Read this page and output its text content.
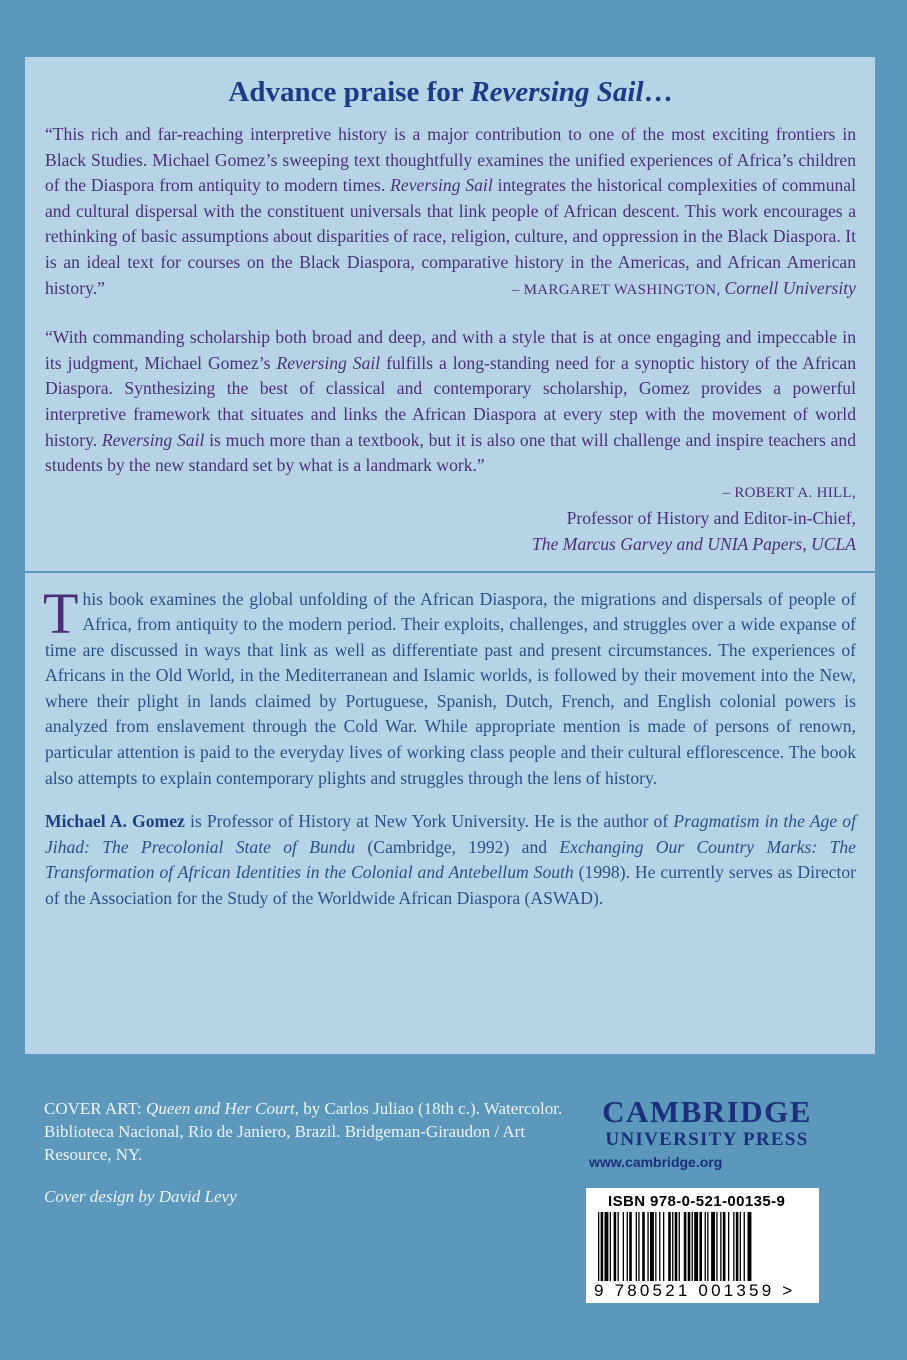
Advance praise for Reversing Sail…

“This rich and far-reaching interpretive history is a major contribution to one of the most exciting frontiers in Black Studies. Michael Gomez’s sweeping text thoughtfully examines the unified experiences of Africa’s children of the Diaspora from antiquity to modern times. Reversing Sail integrates the historical complexities of communal and cultural dispersal with the constituent universals that link people of African descent. This work encourages a rethinking of basic assumptions about disparities of race, religion, culture, and oppression in the Black Diaspora. It is an ideal text for courses on the Black Diaspora, comparative history in the Americas, and African American history.”	– MARGARET WASHINGTON, Cornell University

“With commanding scholarship both broad and deep, and with a style that is at once engaging and impeccable in its judgment, Michael Gomez’s Reversing Sail fulfills a long-standing need for a synoptic history of the African Diaspora. Synthesizing the best of classical and contemporary scholarship, Gomez provides a powerful interpretive framework that situates and links the African Diaspora at every step with the movement of world history. Reversing Sail is much more than a textbook, but it is also one that will challenge and inspire teachers and students by the new standard set by what is a landmark work.”

– ROBERT A. HILL,

Professor of History and Editor-in-Chief,

The Marcus Garvey and UNIA Papers, UCLA

This book examines the global unfolding of the African Diaspora, the migrations and dispersals of people of Africa, from antiquity to the modern period. Their exploits, challenges, and struggles over a wide expanse of time are discussed in ways that link as well as differentiate past and present circumstances. The experiences of Africans in the Old World, in the Mediterranean and Islamic worlds, is followed by their movement into the New, where their plight in lands claimed by Portuguese, Spanish, Dutch, French, and English colonial powers is analyzed from enslavement through the Cold War. While appropriate mention is made of persons of renown, particular attention is paid to the everyday lives of working class people and their cultural efflorescence. The book also attempts to explain contemporary plights and struggles through the lens of history.

Michael A. Gomez is Professor of History at New York University. He is the author of Pragmatism in the Age of Jihad: The Precolonial State of Bundu (Cambridge, 1992) and Exchanging Our Country Marks: The Transformation of African Identities in the Colonial and Antebellum South (1998). He currently serves as Director of the Association for the Study of the Worldwide African Diaspora (ASWAD).

COVER ART: Queen and Her Court, by Carlos Juliao (18th c.). Watercolor. Biblioteca Nacional, Rio de Janiero, Brazil. Bridgeman-Giraudon / Art Resource, NY.

Cover design by David Levy

CAMBRIDGE
UNIVERSITY PRESS
www.cambridge.org
ISBN 978-0-521-00135-9
9 780521 001359 >
